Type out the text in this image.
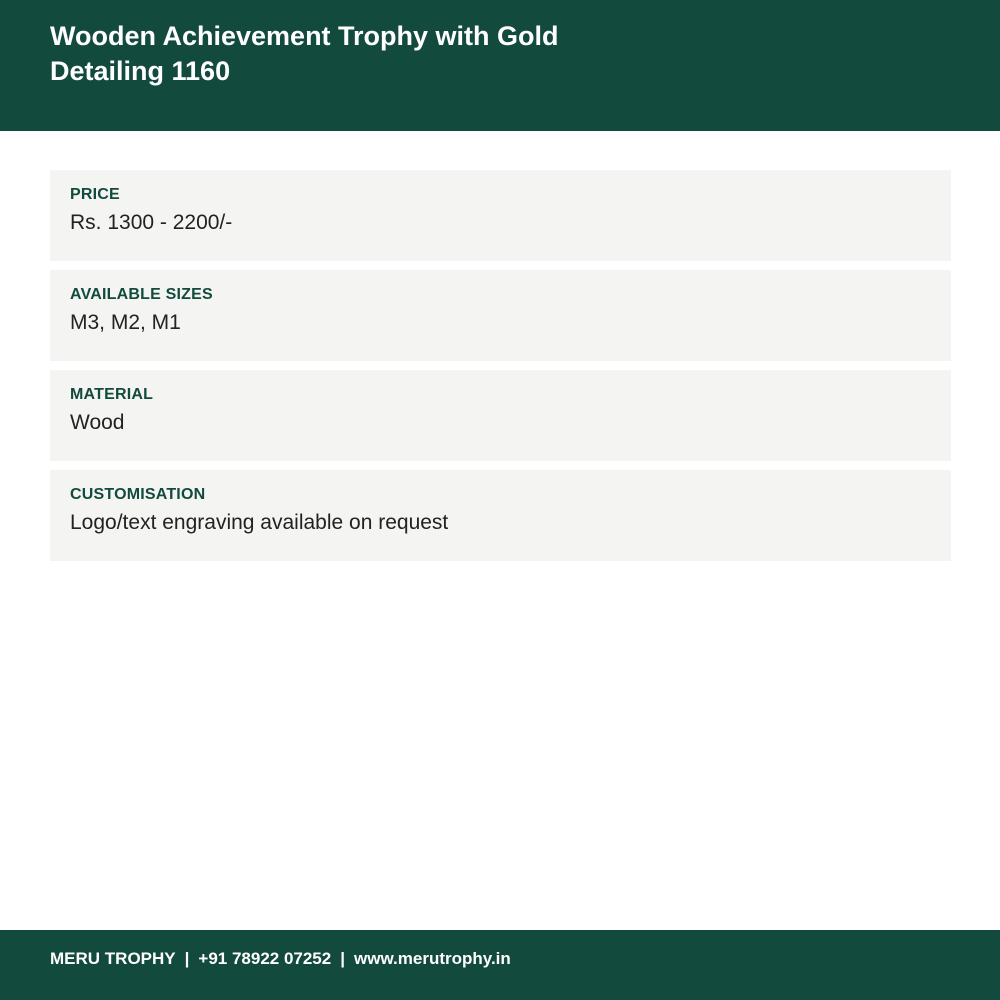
Wooden Achievement Trophy with Gold Detailing 1160
PRICE
Rs. 1300 - 2200/-
AVAILABLE SIZES
M3, M2, M1
MATERIAL
Wood
CUSTOMISATION
Logo/text engraving available on request
MERU TROPHY | +91 78922 07252 | www.merutrophy.in
